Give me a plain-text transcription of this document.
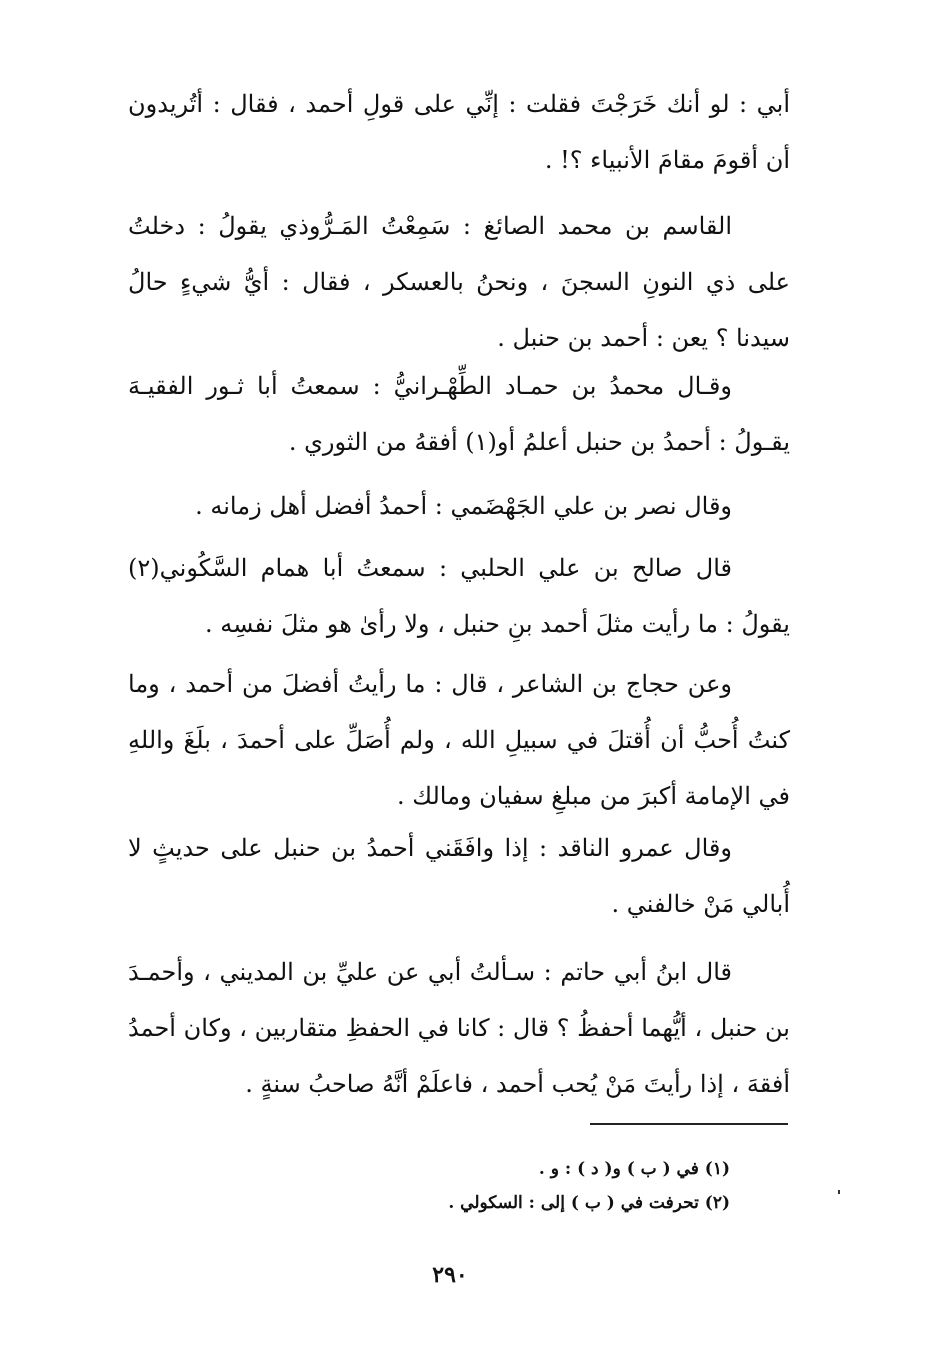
أبي : لو أنك خَرَجْتَ فقلت : إنِّي على قولِ أحمد ، فقال : أتُريدون أن أقومَ مقامَ الأنبياء ؟! .

القاسم بن محمد الصائغ : سَمِعْتُ المَـرُّوذي يقولُ : دخلتُ على ذي النونِ السجنَ ، ونحنُ بالعسكر ، فقال : أيُّ شيءٍ حالُ سيدنا ؟ يعن : أحمد بن حنبل .

وقـال محمدُ بن حمـاد الطِّهْـرانيُّ : سمعتُ أبا ثـور الفقيـهَ يقـولُ : أحمدُ بن حنبل أعلمُ أو(١) أفقهُ من الثوري .

وقال نصر بن علي الجَهْضَمي : أحمدُ أفضل أهل زمانه .

قال صالح بن علي الحلبي : سمعتُ أبا همام السَّكُوني(٢) يقولُ : ما رأيت مثلَ أحمد بنِ حنبل ، ولا رأىٰ هو مثلَ نفسِه .

وعن حجاج بن الشاعر ، قال : ما رأيتُ أفضلَ من أحمد ، وما كنتُ أُحبُّ أن أُقتلَ في سبيلِ الله ، ولم أُصَلِّ على أحمدَ ، بلَغَ واللهِ في الإمامة أكبرَ من مبلغِ سفيان ومالك .

وقال عمرو الناقد : إذا وافَقَني أحمدُ بن حنبل على حديثٍ لا أُبالي مَنْ خالفني .

قال ابنُ أبي حاتم : سـألتُ أبي عن عليِّ بن المديني ، وأحمـدَ بن حنبل ، أيُّهما أحفظُ ؟ قال : كانا في الحفظِ متقاربين ، وكان أحمدُ أفقهَ ، إذا رأيتَ مَنْ يُحب أحمد ، فاعلَمْ أنَّهُ صاحبُ سنةٍ .

(١) في ( ب ) و( د ) : و .

(٢) تحرفت في ( ب ) إلى : السكولي .

٢٩٠
